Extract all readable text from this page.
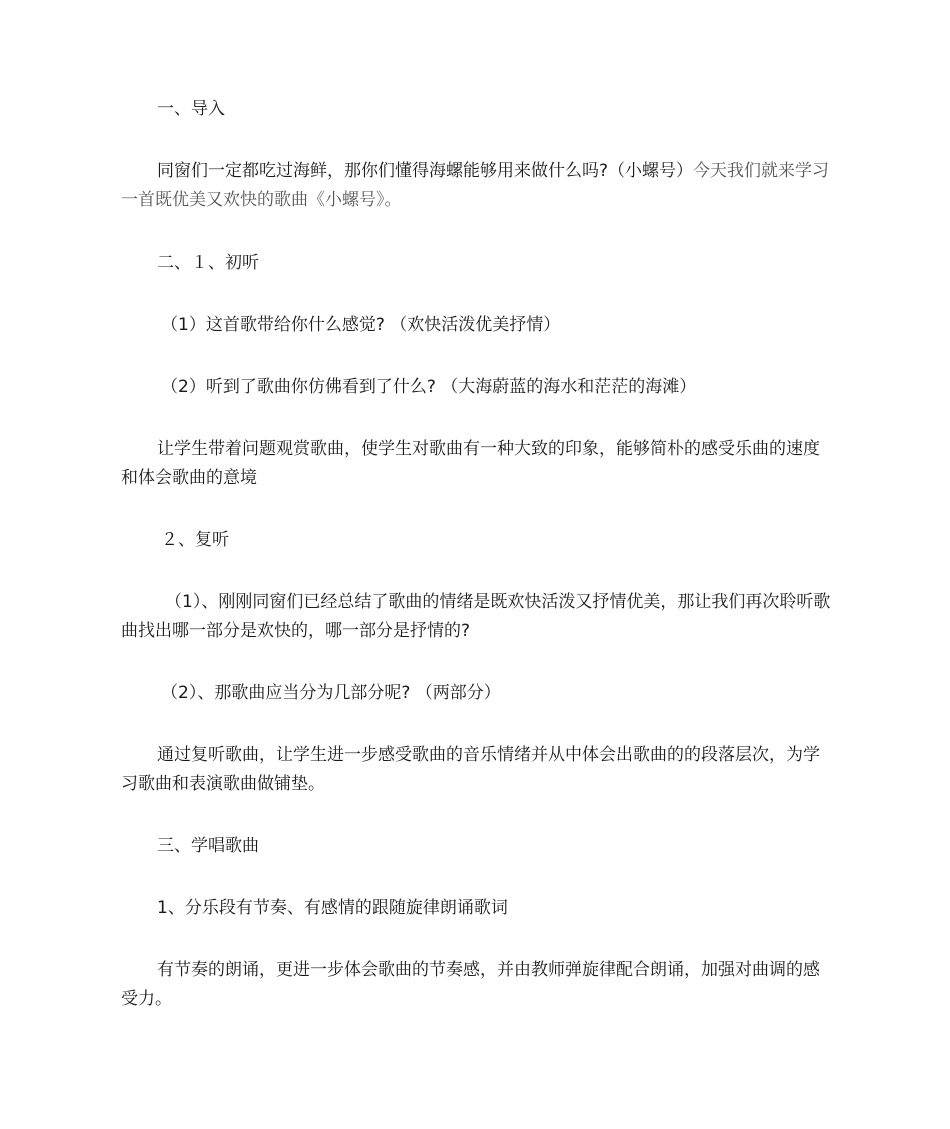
一、导入

同窗们一定都吃过海鲜，那你们懂得海螺能够用来做什么吗?（小螺号）今天我们就来学习一首既优美又欢快的歌曲《小螺号》。

二、１、初听

（1）这首歌带给你什么感觉? （欢快活泼优美抒情）

（2）听到了歌曲你仿佛看到了什么? （大海蔚蓝的海水和茫茫的海滩）

让学生带着问题观赏歌曲，使学生对歌曲有一种大致的印象，能够简朴的感受乐曲的速度和体会歌曲的意境

２、复听

（1）、刚刚同窗们已经总结了歌曲的情绪是既欢快活泼又抒情优美，那让我们再次聆听歌曲找出哪一部分是欢快的，哪一部分是抒情的?

（2）、那歌曲应当分为几部分呢? （两部分）

通过复听歌曲，让学生进一步感受歌曲的音乐情绪并从中体会出歌曲的的段落层次，为学习歌曲和表演歌曲做铺垫。

三、学唱歌曲

1、分乐段有节奏、有感情的跟随旋律朗诵歌词

有节奏的朗诵，更进一步体会歌曲的节奏感，并由教师弹旋律配合朗诵，加强对曲调的感受力。
